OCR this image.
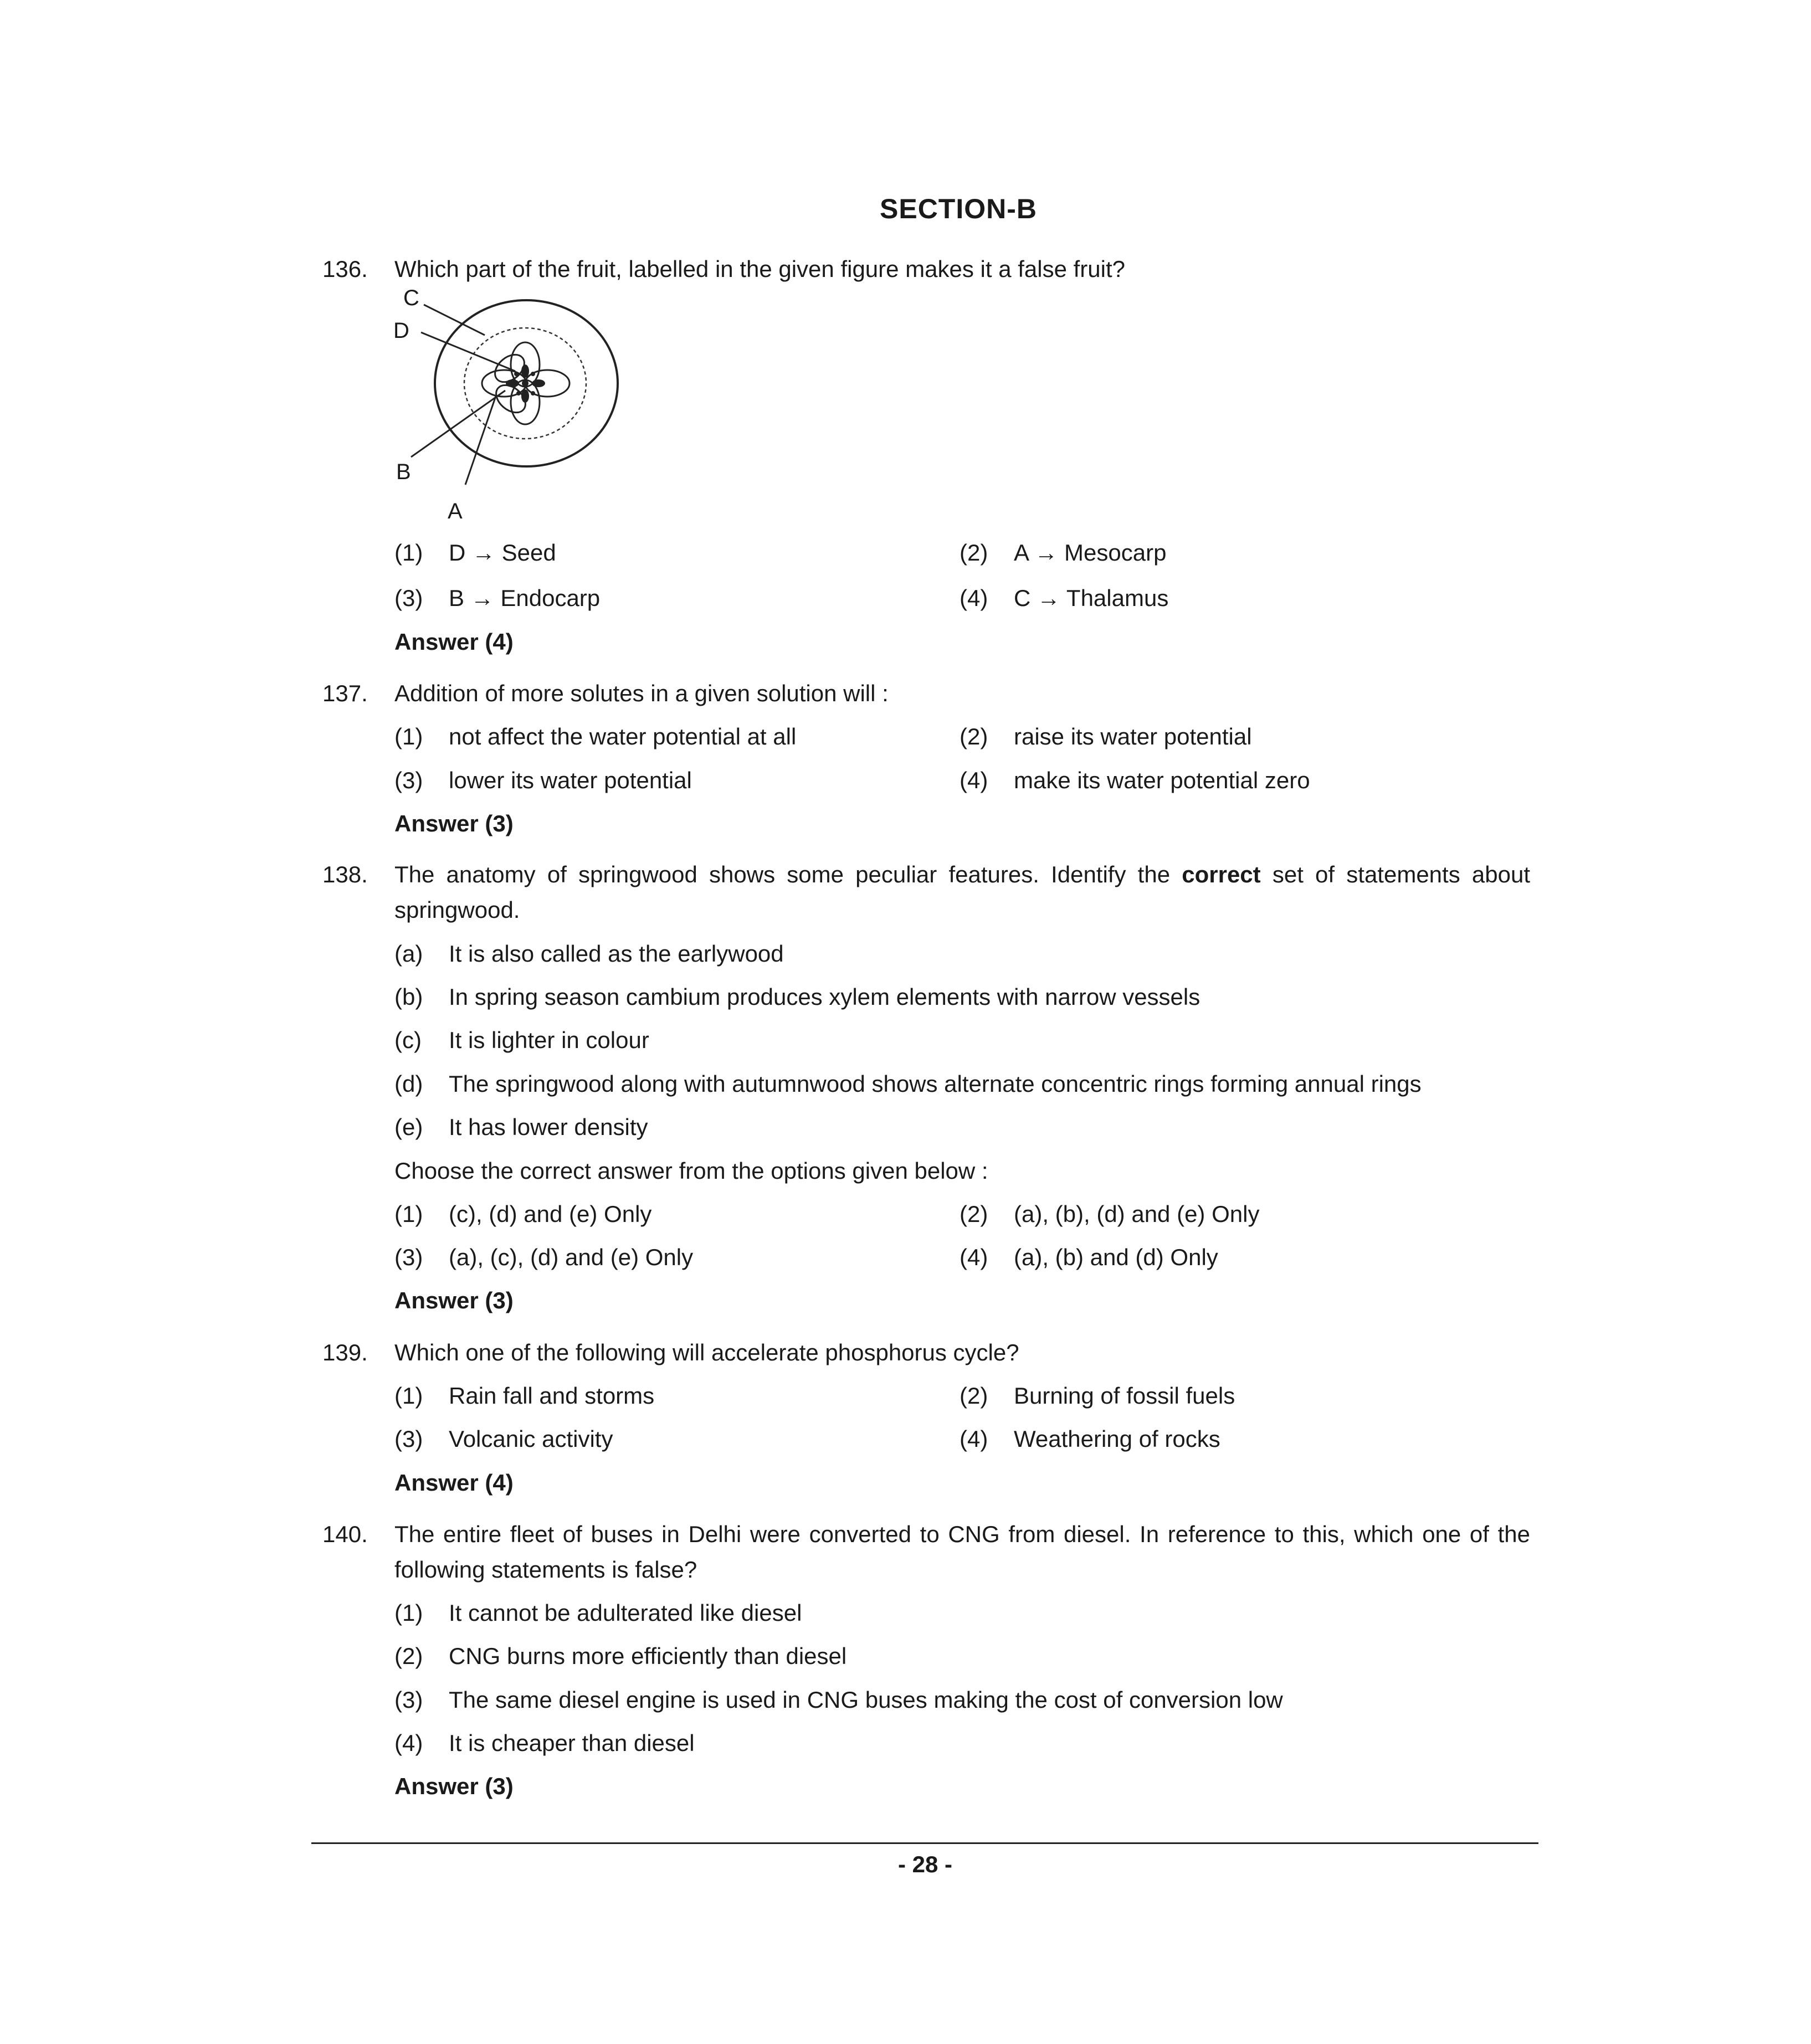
SECTION-B
136.	Which part of the fruit, labelled in the given figure makes it a false fruit?
C
D
B
A
(1) D → Seed	(2) A → Mesocarp
(3) B → Endocarp	(4) C → Thalamus
Answer (4)
137.	Addition of more solutes in a given solution will :
(1) not affect the water potential at all	(2) raise its water potential
(3) lower its water potential	(4) make its water potential zero
Answer (3)
138.	The anatomy of springwood shows some peculiar features. Identify the correct set of statements about springwood.
(a) It is also called as the earlywood
(b) In spring season cambium produces xylem elements with narrow vessels
(c) It is lighter in colour
(d) The springwood along with autumnwood shows alternate concentric rings forming annual rings
(e) It has lower density
Choose the correct answer from the options given below :
(1) (c), (d) and (e) Only	(2) (a), (b), (d) and (e) Only
(3) (a), (c), (d) and (e) Only	(4) (a), (b) and (d) Only
Answer (3)
139.	Which one of the following will accelerate phosphorus cycle?
(1) Rain fall and storms	(2) Burning of fossil fuels
(3) Volcanic activity	(4) Weathering of rocks
Answer (4)
140.	The entire fleet of buses in Delhi were converted to CNG from diesel. In reference to this, which one of the following statements is false?
(1) It cannot be adulterated like diesel
(2) CNG burns more efficiently than diesel
(3) The same diesel engine is used in CNG buses making the cost of conversion low
(4) It is cheaper than diesel
Answer (3)
- 28 -
